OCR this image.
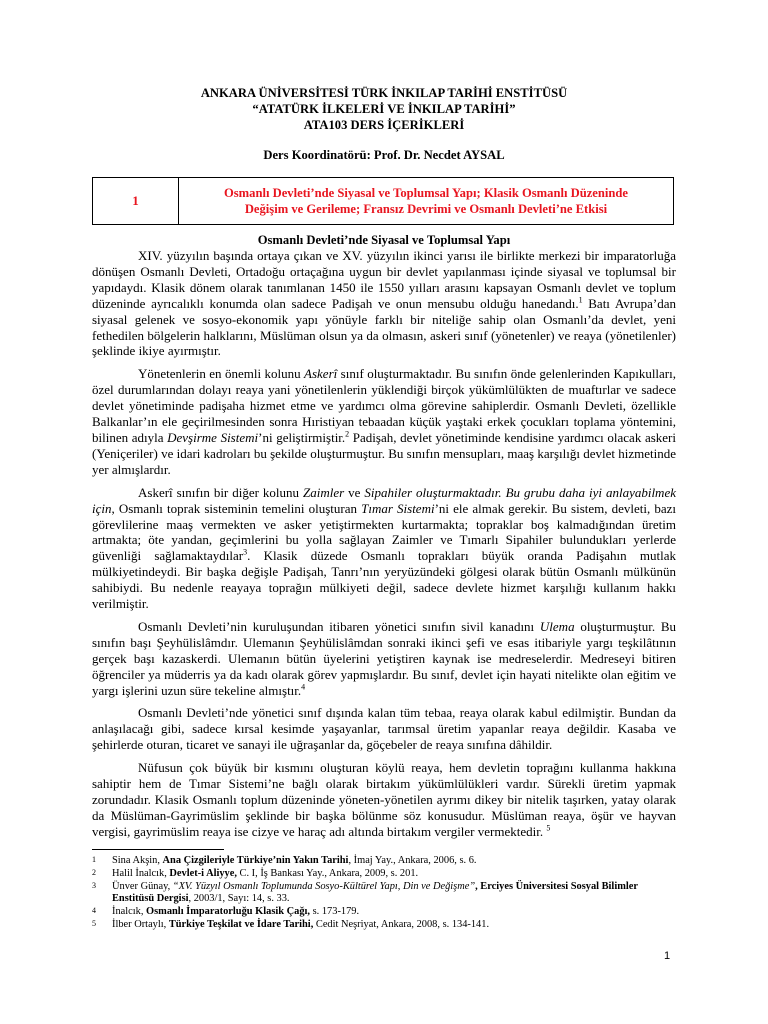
ANKARA ÜNİVERSİTESİ TÜRK İNKILAP TARİHİ ENSTİTÜSÜ
“ATATÜRK İLKELERİ VE İNKILAP TARİHİ”
ATA103 DERS İÇERİKLERİ
Ders Koordinatörü: Prof. Dr. Necdet AYSAL
1	Osmanlı Devleti’nde Siyasal ve Toplumsal Yapı; Klasik Osmanlı Düzeninde
Değişim ve Gerileme; Fransız Devrimi ve Osmanlı Devleti’ne Etkisi
Osmanlı Devleti’nde Siyasal ve Toplumsal Yapı

XIV. yüzyılın başında ortaya çıkan ve XV. yüzyılın ikinci yarısı ile birlikte merkezi bir imparatorluğa dönüşen Osmanlı Devleti, Ortadoğu ortaçağına uygun bir devlet yapılanması içinde siyasal ve toplumsal bir yapıdaydı. Klasik dönem olarak tanımlanan 1450 ile 1550 yılları arasını kapsayan Osmanlı devlet ve toplum düzeninde ayrıcalıklı konumda olan sadece Padişah ve onun mensubu olduğu hanedandı.$^1$ Batı Avrupa’dan siyasal gelenek ve sosyo-ekonomik yapı yönüyle farklı bir niteliğe sahip olan Osmanlı’da devlet, yeni fethedilen bölgelerin halklarını, Müslüman olsun ya da olmasın, askeri sınıf (yönetenler) ve reaya (yönetilenler) şeklinde ikiye ayırmıştır.

Yönetenlerin en önemli kolunu Askerî sınıf oluşturmaktadır. Bu sınıfın önde gelenlerinden Kapıkulları, özel durumlarından dolayı reaya yani yönetilenlerin yüklendiği birçok yükümlülükten de muaftırlar ve sadece devlet yönetiminde padişaha hizmet etme ve yardımcı olma görevine sahiplerdir. Osmanlı Devleti, özellikle Balkanlar’ın ele geçirilmesinden sonra Hıristiyan tebaadan küçük yaştaki erkek çocukları toplama yöntemini, bilinen adıyla Devşirme Sistemi’ni geliştirmiştir.$^2$ Padişah, devlet yönetiminde kendisine yardımcı olacak askeri (Yeniçeriler) ve idari kadroları bu şekilde oluşturmuştur. Bu sınıfın mensupları, maaş karşılığı devlet hizmetinde yer almışlardır.

Askerî sınıfın bir diğer kolunu Zaimler ve Sipahiler oluşturmaktadır. Bu grubu daha iyi anlayabilmek için, Osmanlı toprak sisteminin temelini oluşturan Tımar Sistemi’ni ele almak gerekir. Bu sistem, devleti, bazı görevlilerine maaş vermekten ve asker yetiştirmekten kurtarmakta; topraklar boş kalmadığından üretim artmakta; öte yandan, geçimlerini bu yolla sağlayan Zaimler ve Tımarlı Sipahiler bulundukları yerlerde güvenliği sağlamaktaydılar$^3$. Klasik düzede Osmanlı toprakları büyük oranda Padişahın mutlak mülkiyetindeydi. Bir başka değişle Padişah, Tanrı’nın yeryüzündeki gölgesi olarak bütün Osmanlı mülkünün sahibiydi. Bu nedenle reayaya toprağın mülkiyeti değil, sadece devlete hizmet karşılığı kullanım hakkı verilmiştir.

Osmanlı Devleti’nin kuruluşundan itibaren yönetici sınıfın sivil kanadını Ulema oluşturmuştur. Bu sınıfın başı Şeyhülislâmdır. Ulemanın Şeyhülislâmdan sonraki ikinci şefi ve esas itibariyle yargı teşkilâtının gerçek başı kazaskerdi. Ulemanın bütün üyelerini yetiştiren kaynak ise medreselerdir. Medreseyi bitiren öğrenciler ya müderris ya da kadı olarak görev yapmışlardır. Bu sınıf, devlet için hayati nitelikte olan eğitim ve yargı işlerini uzun süre tekeline almıştır.$^4$

Osmanlı Devleti’nde yönetici sınıf dışında kalan tüm tebaa, reaya olarak kabul edilmiştir. Bundan da anlaşılacağı gibi, sadece kırsal kesimde yaşayanlar, tarımsal üretim yapanlar reaya değildir. Kasaba ve şehirlerde oturan, ticaret ve sanayi ile uğraşanlar da, göçebeler de reaya sınıfına dâhildir.

Nüfusun çok büyük bir kısmını oluşturan köylü reaya, hem devletin toprağını kullanma hakkına sahiptir hem de Tımar Sistemi’ne bağlı olarak birtakım yükümlülükleri vardır. Sürekli üretim yapmak zorundadır. Klasik Osmanlı toplum düzeninde yöneten-yönetilen ayrımı dikey bir nitelik taşırken, yatay olarak da Müslüman-Gayrimüslim şeklinde bir başka bölünme söz konusudur. Müslüman reaya, öşür ve hayvan vergisi, gayrimüslim reaya ise cizye ve haraç adı altında birtakım vergiler vermektedir. $^5$

1	Sina Akşin, Ana Çizgileriyle Türkiye’nin Yakın Tarihi, İmaj Yay., Ankara, 2006, s. 6.
2	Halil İnalcık, Devlet-i Aliyye, C. I, İş Bankası Yay., Ankara, 2009, s. 201.
3	Ünver Günay, “XV. Yüzyıl Osmanlı Toplumunda Sosyo-Kültürel Yapı, Din ve Değişme”, Erciyes Üniversitesi Sosyal Bilimler Enstitüsü Dergisi, 2003/1, Sayı: 14, s. 33.
4	İnalcık, Osmanlı İmparatorluğu Klasik Çağı, s. 173-179.
5	İlber Ortaylı, Türkiye Teşkilat ve İdare Tarihi, Cedit Neşriyat, Ankara, 2008, s. 134-141.
1
